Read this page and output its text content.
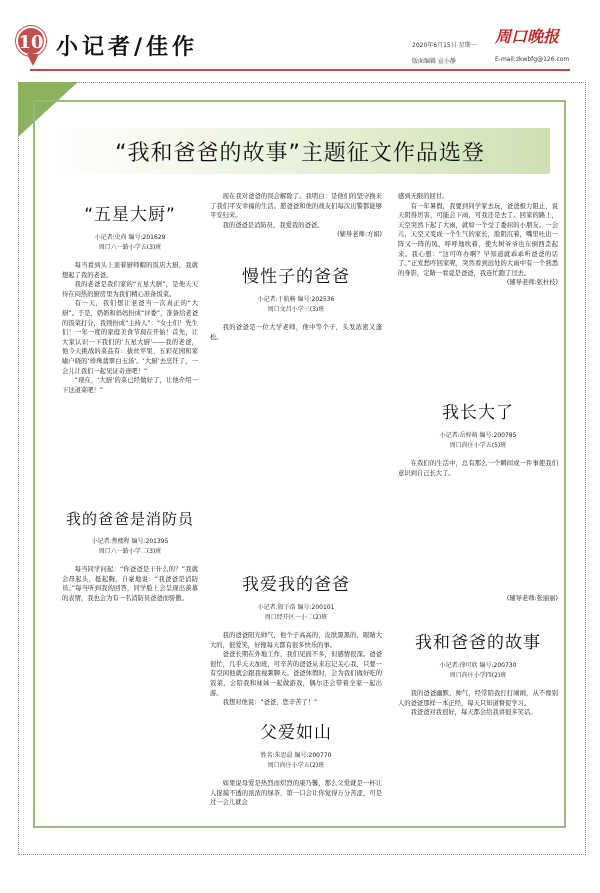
10 小记者/佳作	2020年6月15日 星期一
版面编辑 宣小静
周口晚报
E-mail:zkwbfg@126.com
“我和爸爸的故事”主题征文作品选登
“五星大厨”
小记者:史尚 编号:201629
周口六一路小学五(3)班

每当看到头上顶着厨师帽的饭店大厨，我就想起了我的老爸。

我的老爸是我们家的“五星大厨”，是他天天待在闷热的厨房里为我们精心准备饭菜。

有一天，我们想让老爸当一次真正的“大厨”。于是，奶奶和妈妈扮成“评委”，准备给老爸的饭菜打分，我则扮成“主持人”：“女士们！先生们！一年一度的家庭美食节现在开始！首先，让大家认识一下我们的‘五星大厨’——我的老爸，他今天挑战的菜品有：拔丝苹果、五彩花园和家喻户晓的‘珍珠翡翠白玉汤’。‘大厨’去烹饪了，一会儿让我们一起见证奇迹吧！”

“现在，‘大厨’的菜已经做好了，让他介绍一下这道菜吧！”

我的爸爸是消防员
小记者:焦楼程 编号:201395
周口六一路小学二(3)班

每当同学问起：“你爸爸是干什么的？”我就会昂起头，挺起胸，自豪地说：“我爸爸是消防员。”每当听到我的回答，同学脸上会呈现出羡慕的表情，我也会为有一名消防员爸爸而骄傲。

现在我对爸爸的误会解除了。我明白：是他们的坚守换来了我们平安幸福的生活。愿爸爸和他的战友们每次出警都能够平安归来。

我的爸爸是消防员，我爱我的爸爸。

(辅导老师:方娟)
慢性子的爸爸
小记者:于航畅 编号:202536
周口文昌小学三(3)班

我的爸爸是一位大学老师，他中等个子，头发浓密又蓬松。

我爱我的爸爸
小记者:殷子浩 编号:200101
周口经开区一小二(2)班

我的爸爸阳光帅气，他个子高高的，皮肤黑黑的，眼睛大大的，很爱笑，好像每天都有很多快乐的事。

爸爸长期在外地工作，我们见面不多，但感情很深。爸爸很忙，几乎天天加班，可辛苦的爸爸从来忘记关心我，只要一有空闲他就会跟我视频聊天。爸爸休假时，会为我们做好吃的饭菜，会陪我和妹妹一起做游戏，偶尔还会带着全家一起出游。

我想对他说：“爸爸，您辛苦了！”

父爱如山
姓名:朱思晨 编号:200770
周口尚庄小学五(2)班

如果说母爱是热烈而炽烈的康乃馨，那么父爱就是一杯让人捉摸不透的浓浓的绿茶，第一口会让你觉得万分苦涩，可是过一会儿就会

感到无限的回甘。

有一年暑假，我要到同学家去玩，爸爸极力阻止，说天阴得厉害，可能会下雨，可我还是去了。回家的路上，天空突然下起了大雨，就如一个受了委屈的小朋友。一会儿，天空又变成一个生气的家长，脸阴沉着，嘴里吐出一阵又一阵的风，呼呼地吹着，使大树爷爷也东倒西歪起来。我心想：“这可咋办啊？早知道就乖乖听爸爸的话了。”正发愁咋回家呢，突然看到远处的大雨中有一个熟悉的身影，定睛一看竟是爸爸，我连忙跑了过去。

(辅导老师:张杜枝)
我长大了
小记者:岳梓萌 编号:200785
周口尚庄小学五(5)班

在我们的生活中，总有那么一个瞬间或一件事使我们意识到自己长大了。

(辅导老师:张丽丽)
我和爸爸的故事
小记者:徐可欣 编号:200730
周口尚庄小学四(2)班

我的爸爸幽默、帅气，经常陪我打打闹闹，从不像别人的爸爸那样一本正经，每天只知道督促学习。

我爸爸对我很好，每天都会给我讲很多笑话。
